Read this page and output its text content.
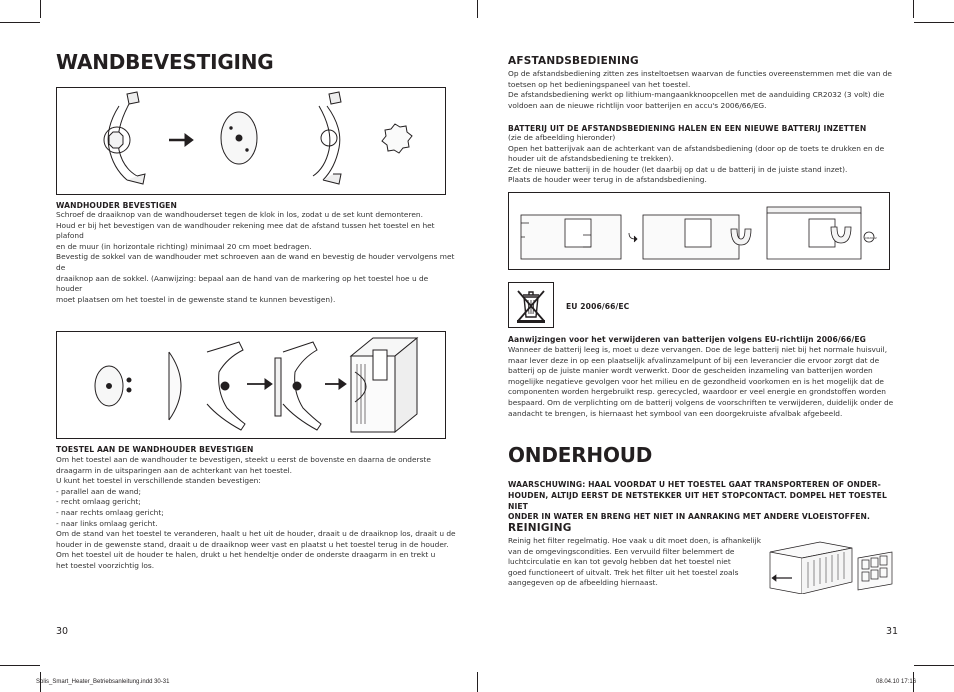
WANDBEVESTIGING
WANDHOUDER BEVESTIGEN
Schroef de draaiknop van de wandhouderset tegen de klok in los, zodat u de set kunt demonteren.
Houd er bij het bevestigen van de wandhouder rekening mee dat de afstand tussen het toestel en het plafond
en de muur (in horizontale richting) minimaal 20 cm moet bedragen.
Bevestig de sokkel van de wandhouder met schroeven aan de wand en bevestig de houder vervolgens met de
draaiknop aan de sokkel. (Aanwijzing: bepaal aan de hand van de markering op het toestel hoe u de houder
moet plaatsen om het toestel in de gewenste stand te kunnen bevestigen).
TOESTEL AAN DE WANDHOUDER BEVESTIGEN
Om het toestel aan de wandhouder te bevestigen, steekt u eerst de bovenste en daarna de onderste
draagarm in de uitsparingen aan de achterkant van het toestel.
U kunt het toestel in verschillende standen bevestigen:
- parallel aan de wand;
- recht omlaag gericht;
- naar rechts omlaag gericht;
- naar links omlaag gericht.
Om de stand van het toestel te veranderen, haalt u het uit de houder, draait u de draaiknop los, draait u de
houder in de gewenste stand, draait u de draaiknop weer vast en plaatst u het toestel terug in de houder.
Om het toestel uit de houder te halen, drukt u het hendeltje onder de onderste draagarm in en trekt u
het toestel voorzichtig los.
30
AFSTANDSBEDIENING
Op de afstandsbediening zitten zes insteltoetsen waarvan de functies overeenstemmen met die van de
toetsen op het bedieningspaneel van het toestel.
De afstandsbediening werkt op lithium-mangaankknoopcellen met de aanduiding CR2032 (3 volt) die
voldoen aan de nieuwe richtlijn voor batterijen en accu's 2006/66/EG.
BATTERIJ UIT DE AFSTANDSBEDIENING HALEN EN EEN NIEUWE BATTERIJ INZETTEN
(zie de afbeelding hieronder)
Open het batterijvak aan de achterkant van de afstandsbediening (door op de toets te drukken en de
houder uit de afstandsbediening te trekken).
Zet de nieuwe batterij in de houder (let daarbij op dat u de batterij in de juiste stand inzet).
Plaats de houder weer terug in de afstandsbediening.
CR2032
EU 2006/66/EC
Aanwijzingen voor het verwijderen van batterijen volgens EU-richtlijn 2006/66/EG
Wanneer de batterij leeg is, moet u deze vervangen. Doe de lege batterij niet bij het normale huisvuil,
maar lever deze in op een plaatselijk afvalinzamelpunt of bij een leverancier die ervoor zorgt dat de
batterij op de juiste manier wordt verwerkt. Door de gescheiden inzameling van batterijen worden
mogelijke negatieve gevolgen voor het milieu en de gezondheid voorkomen en is het mogelijk dat de
componenten worden hergebruikt resp. gerecycled, waardoor er veel energie en grondstoffen worden
bespaard. Om de verplichting om de batterij volgens de voorschriften te verwijderen, duidelijk onder de
aandacht te brengen, is hiernaast het symbool van een doorgekruiste afvalbak afgebeeld.
ONDERHOUD
WAARSCHUWING: HAAL VOORDAT U HET TOESTEL GAAT TRANSPORTEREN OF ONDER-
HOUDEN, ALTIJD EERST DE NETSTEKKER UIT HET STOPCONTACT. DOMPEL HET TOESTEL NIET
ONDER IN WATER EN BRENG HET NIET IN AANRAKING MET ANDERE VLOEISTOFFEN.
REINIGING
Reinig het filter regelmatig. Hoe vaak u dit moet doen, is afhankelijk
van de omgevingscondities. Een vervuild filter belemmert de
luchtcirculatie en kan tot gevolg hebben dat het toestel niet
goed functioneert of uitvalt. Trek het filter uit het toestel zoals
aangegeven op de afbeelding hiernaast.
31
Solis_Smart_Heater_Betriebsanleitung.indd 30-31	08.04.10 17:16
